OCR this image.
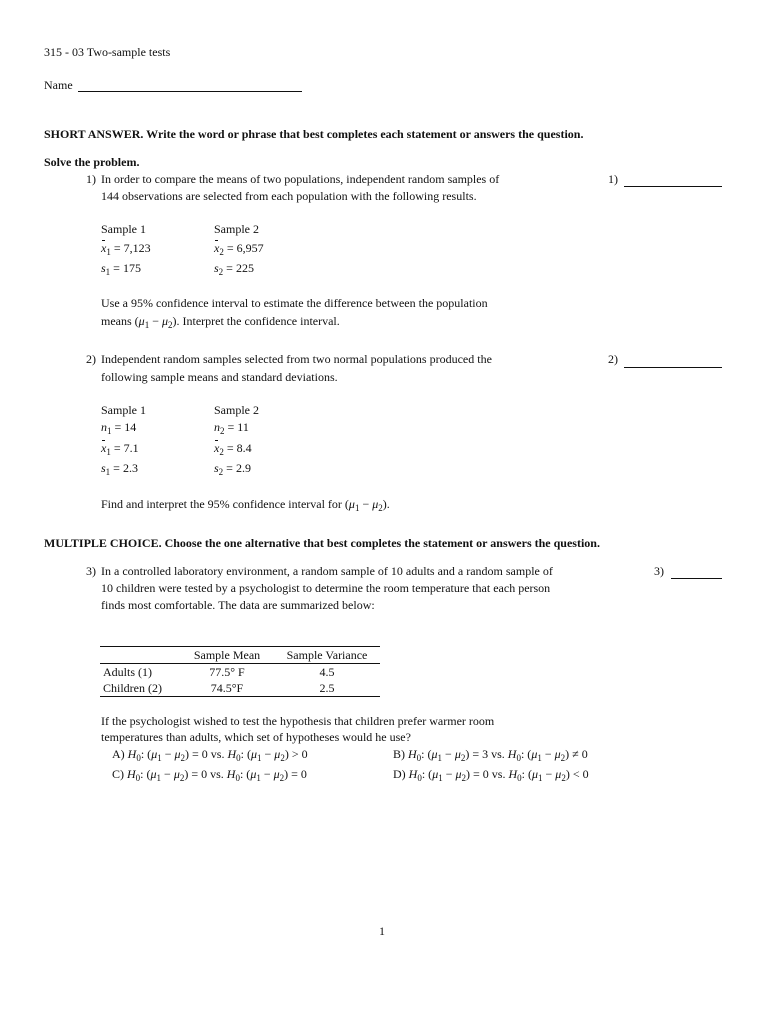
315 - 03 Two-sample tests
Name
SHORT ANSWER. Write the word or phrase that best completes each statement or answers the question.
Solve the problem.
1) In order to compare the means of two populations, independent random samples of
144 observations are selected from each population with the following results.
1)
Sample 1	Sample 2
$x_1 = 7,123$	$x_2 = 6,957$
$s_1 = 175$	$s_2 = 225$
Use a 95% confidence interval to estimate the difference between the population
means $(\mu_1 - \mu_2)$. Interpret the confidence interval.
2) Independent random samples selected from two normal populations produced the
following sample means and standard deviations.
2)
Sample 1	Sample 2
$n_1 = 14$	$n_2 = 11$
$x_1 = 7.1$	$x_2 = 8.4$
$s_1 = 2.3$	$s_2 = 2.9$
Find and interpret the 95% confidence interval for $(\mu_1 - \mu_2)$.
MULTIPLE CHOICE. Choose the one alternative that best completes the statement or answers the question.
3) In a controlled laboratory environment, a random sample of 10 adults and a random sample of
10 children were tested by a psychologist to determine the room temperature that each person
finds most comfortable. The data are summarized below:
3)
	Sample Mean	Sample Variance
Adults (1)	77.5° F	4.5
Children (2)	74.5°F	2.5
If the psychologist wished to test the hypothesis that children prefer warmer room
temperatures than adults, which set of hypotheses would he use?
A) $H_0$: $(\mu_1 - \mu_2) = 0$ vs. $H_0$: $(\mu_1 - \mu_2) > 0$	B) $H_0$: $(\mu_1 - \mu_2) = 3$ vs. $H_0$: $(\mu_1 - \mu_2) \ne 0$
C) $H_0$: $(\mu_1 - \mu_2) = 0$ vs. $H_0$: $(\mu_1 - \mu_2) = 0$	D) $H_0$: $(\mu_1 - \mu_2) = 0$ vs. $H_0$: $(\mu_1 - \mu_2) < 0$
1
